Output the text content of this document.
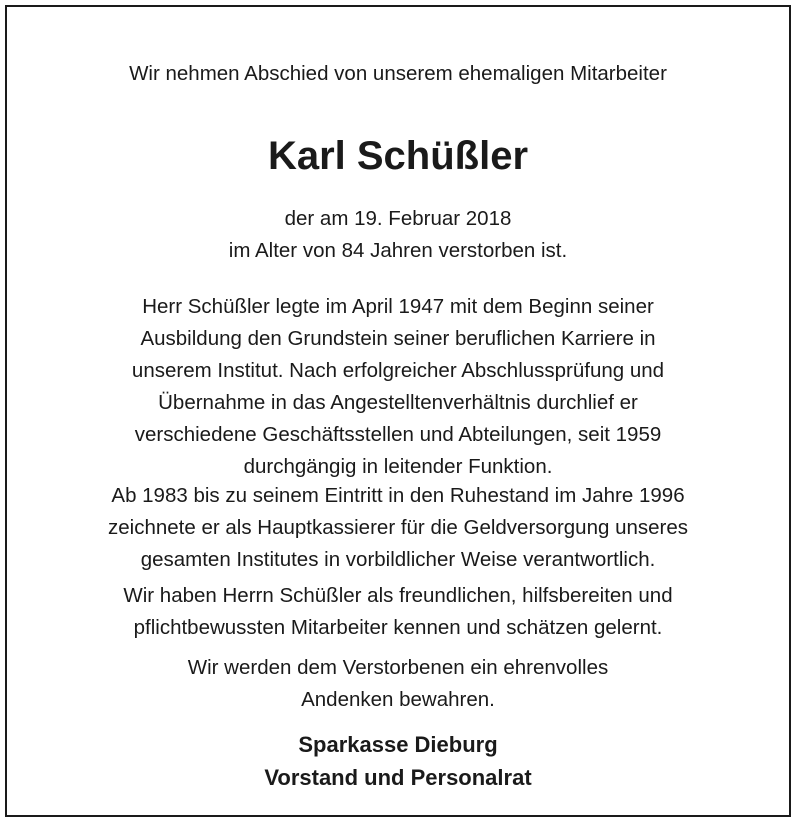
Wir nehmen Abschied von unserem ehemaligen Mitarbeiter
Karl Schüßler
der am 19. Februar 2018
im Alter von 84 Jahren verstorben ist.
Herr Schüßler legte im April 1947 mit dem Beginn seiner
Ausbildung den Grundstein seiner beruflichen Karriere in
unserem Institut. Nach erfolgreicher Abschlussprüfung und
Übernahme in das Angestelltenverhältnis durchlief er
verschiedene Geschäftsstellen und Abteilungen, seit 1959
durchgängig in leitender Funktion.
Ab 1983 bis zu seinem Eintritt in den Ruhestand im Jahre 1996
zeichnete er als Hauptkassierer für die Geldversorgung unseres
gesamten Institutes in vorbildlicher Weise verantwortlich.
Wir haben Herrn Schüßler als freundlichen, hilfsbereiten und
pflichtbewussten Mitarbeiter kennen und schätzen gelernt.
Wir werden dem Verstorbenen ein ehrenvolles
Andenken bewahren.
Sparkasse Dieburg
Vorstand und Personalrat
